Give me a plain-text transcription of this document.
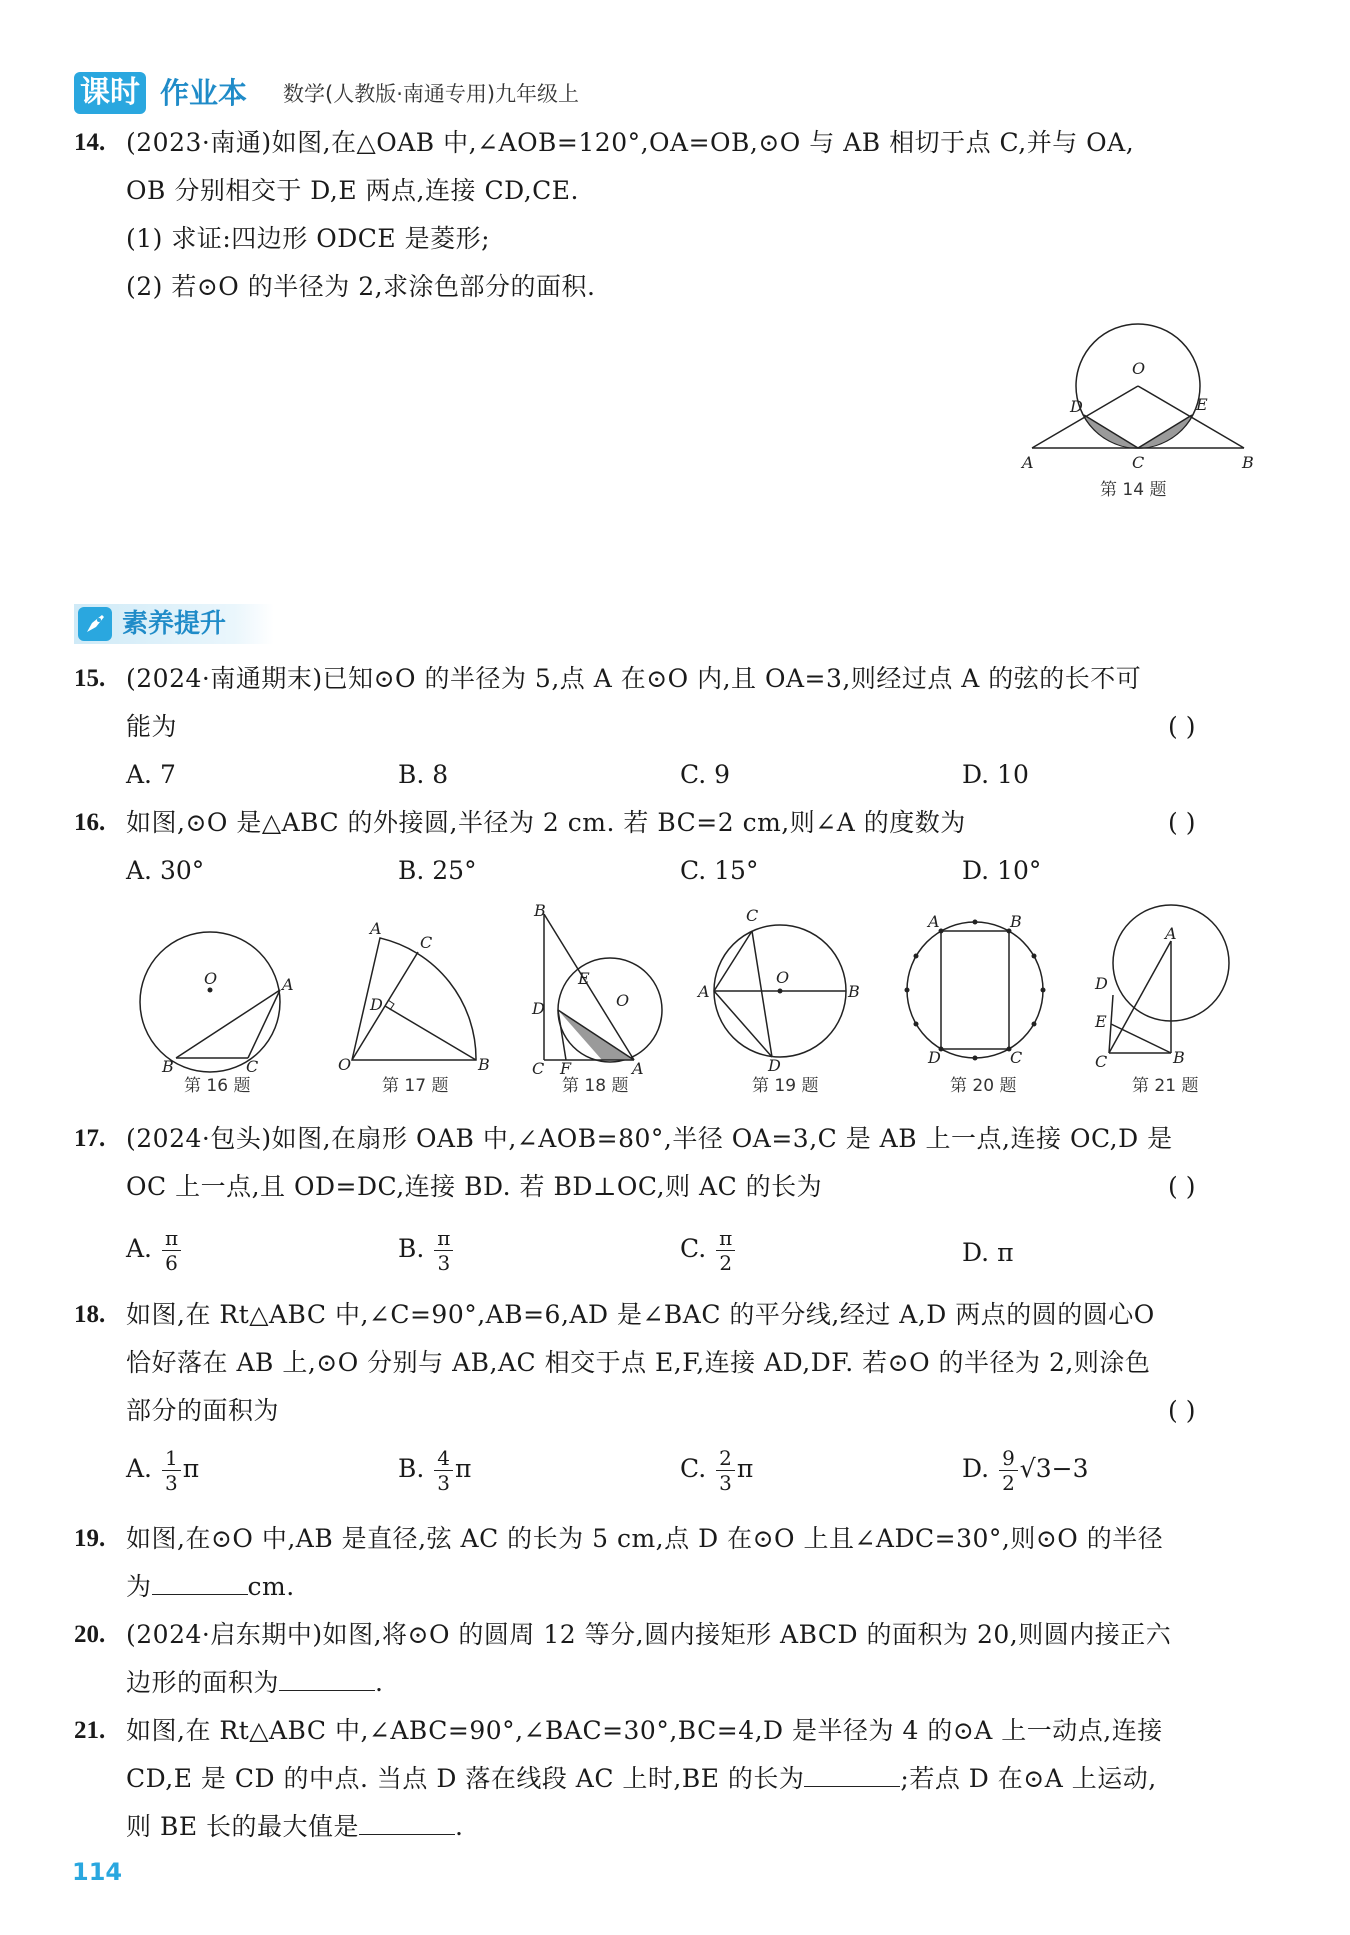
课时 作业本 数学(人教版·南通专用)九年级上
14. (2023·南通)如图,在△OAB 中,∠AOB=120°,OA=OB,⊙O 与 AB 相切于点 C,并与 OA,
OB 分别相交于 D,E 两点,连接 CD,CE.
(1) 求证:四边形 ODCE 是菱形;
(2) 若⊙O 的半径为 2,求涂色部分的面积.
O
D	E
A	C	B
第 14 题
素养提升
15. (2024·南通期末)已知⊙O 的半径为 5,点 A 在⊙O 内,且 OA=3,则经过点 A 的弦的长不可
能为	( )
A. 7	B. 8	C. 9	D. 10
16. 如图,⊙O 是△ABC 的外接圆,半径为 2 cm. 若 BC=2 cm,则∠A 的度数为	( )
A. 30°	B. 25°	C. 15°	D. 10°
O	A
B	C
A
C
D
O	B
B
E
O
D
C F	A
C
A
O
B
D
A	B
D	C
A
D
E
C	B
第 16 题	第 17 题	第 18 题	第 19 题	第 20 题	第 21 题
17. (2024·包头)如图,在扇形 OAB 中,∠AOB=80°,半径 OA=3,C 是 AB 上一点,连接 OC,D 是
OC 上一点,且 OD=DC,连接 BD. 若 BD⊥OC,则 AC 的长为	( )
A. $\frac{\pi}{6}$	B. $\frac{\pi}{3}$	C. $\frac{\pi}{2}$	D. π
18. 如图,在 Rt△ABC 中,∠C=90°,AB=6,AD 是∠BAC 的平分线,经过 A,D 两点的圆的圆心O
恰好落在 AB 上,⊙O 分别与 AB,AC 相交于点 E,F,连接 AD,DF. 若⊙O 的半径为 2,则涂色
部分的面积为	( )
A. $\frac{1}{3}$ π	B. $\frac{4}{3}$ π	C. $\frac{2}{3}$ π	D. $\frac{9}{2} √3-3$
19. 如图,在⊙O 中,AB 是直径,弦 AC 的长为 5 cm,点 D 在⊙O 上且∠ADC=30°,则⊙O 的半径
为	cm.
20. (2024·启东期中)如图,将⊙O 的圆周 12 等分,圆内接矩形 ABCD 的面积为 20,则圆内接正六
边形的面积为	.
21. 如图,在 Rt△ABC 中,∠ABC=90°,∠BAC=30°,BC=4,D 是半径为 4 的⊙A 上一动点,连接
CD,E 是 CD 的中点. 当点 D 落在线段 AC 上时,BE 的长为	;若点 D 在⊙A 上运动,
则 BE 长的最大值是	.
114
